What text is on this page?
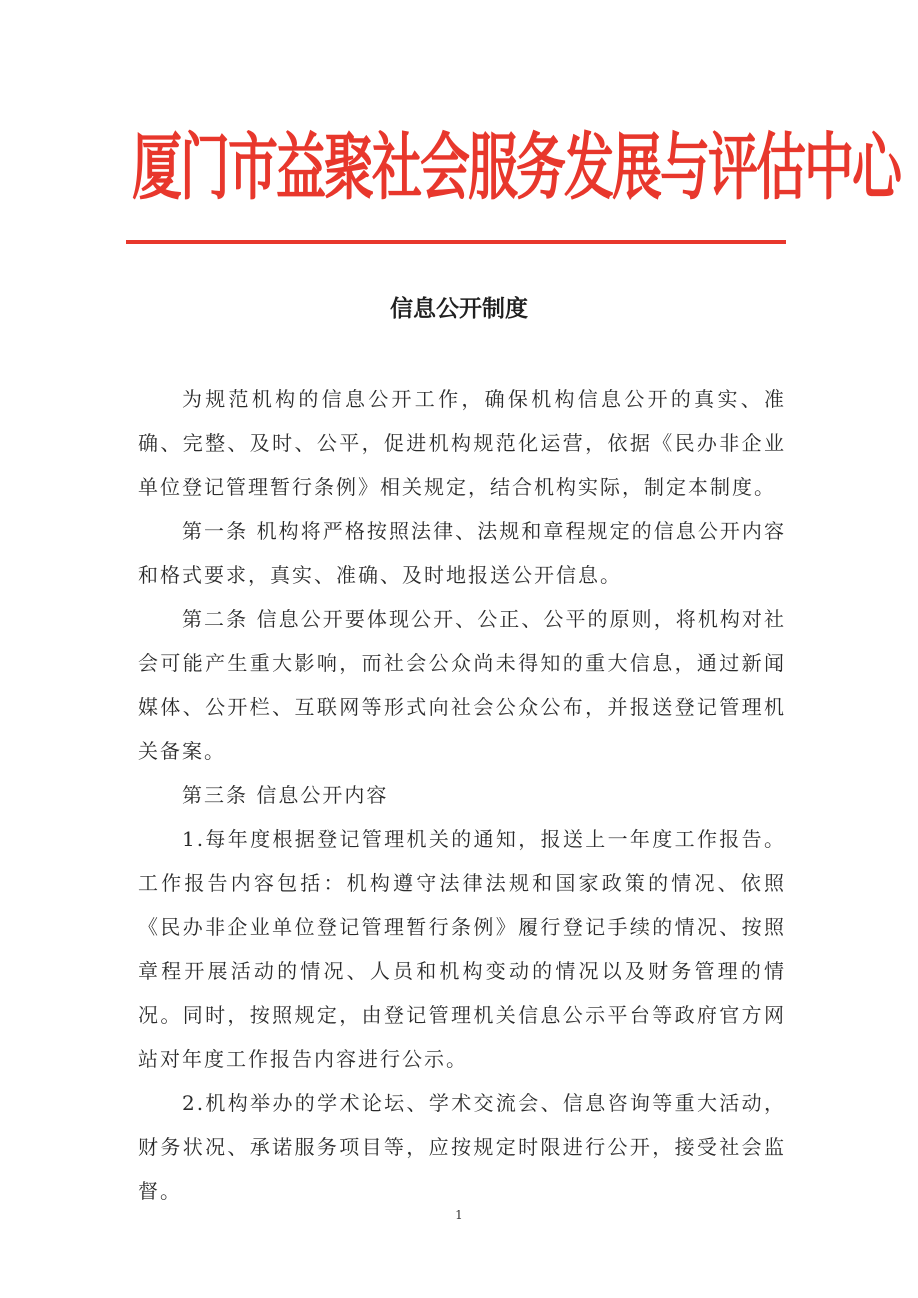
厦门市益聚社会服务发展与评估中心
信息公开制度

为规范机构的信息公开工作，确保机构信息公开的真实、准确、完整、及时、公平，促进机构规范化运营，依据《民办非企业单位登记管理暂行条例》相关规定，结合机构实际，制定本制度。

第一条 机构将严格按照法律、法规和章程规定的信息公开内容和格式要求，真实、准确、及时地报送公开信息。

第二条 信息公开要体现公开、公正、公平的原则，将机构对社会可能产生重大影响，而社会公众尚未得知的重大信息，通过新闻媒体、公开栏、互联网等形式向社会公众公布，并报送登记管理机关备案。

第三条 信息公开内容

1.每年度根据登记管理机关的通知，报送上一年度工作报告。工作报告内容包括：机构遵守法律法规和国家政策的情况、依照《民办非企业单位登记管理暂行条例》履行登记手续的情况、按照章程开展活动的情况、人员和机构变动的情况以及财务管理的情况。同时，按照规定，由登记管理机关信息公示平台等政府官方网站对年度工作报告内容进行公示。

2.机构举办的学术论坛、学术交流会、信息咨询等重大活动，财务状况、承诺服务项目等，应按规定时限进行公开，接受社会监督。

1
